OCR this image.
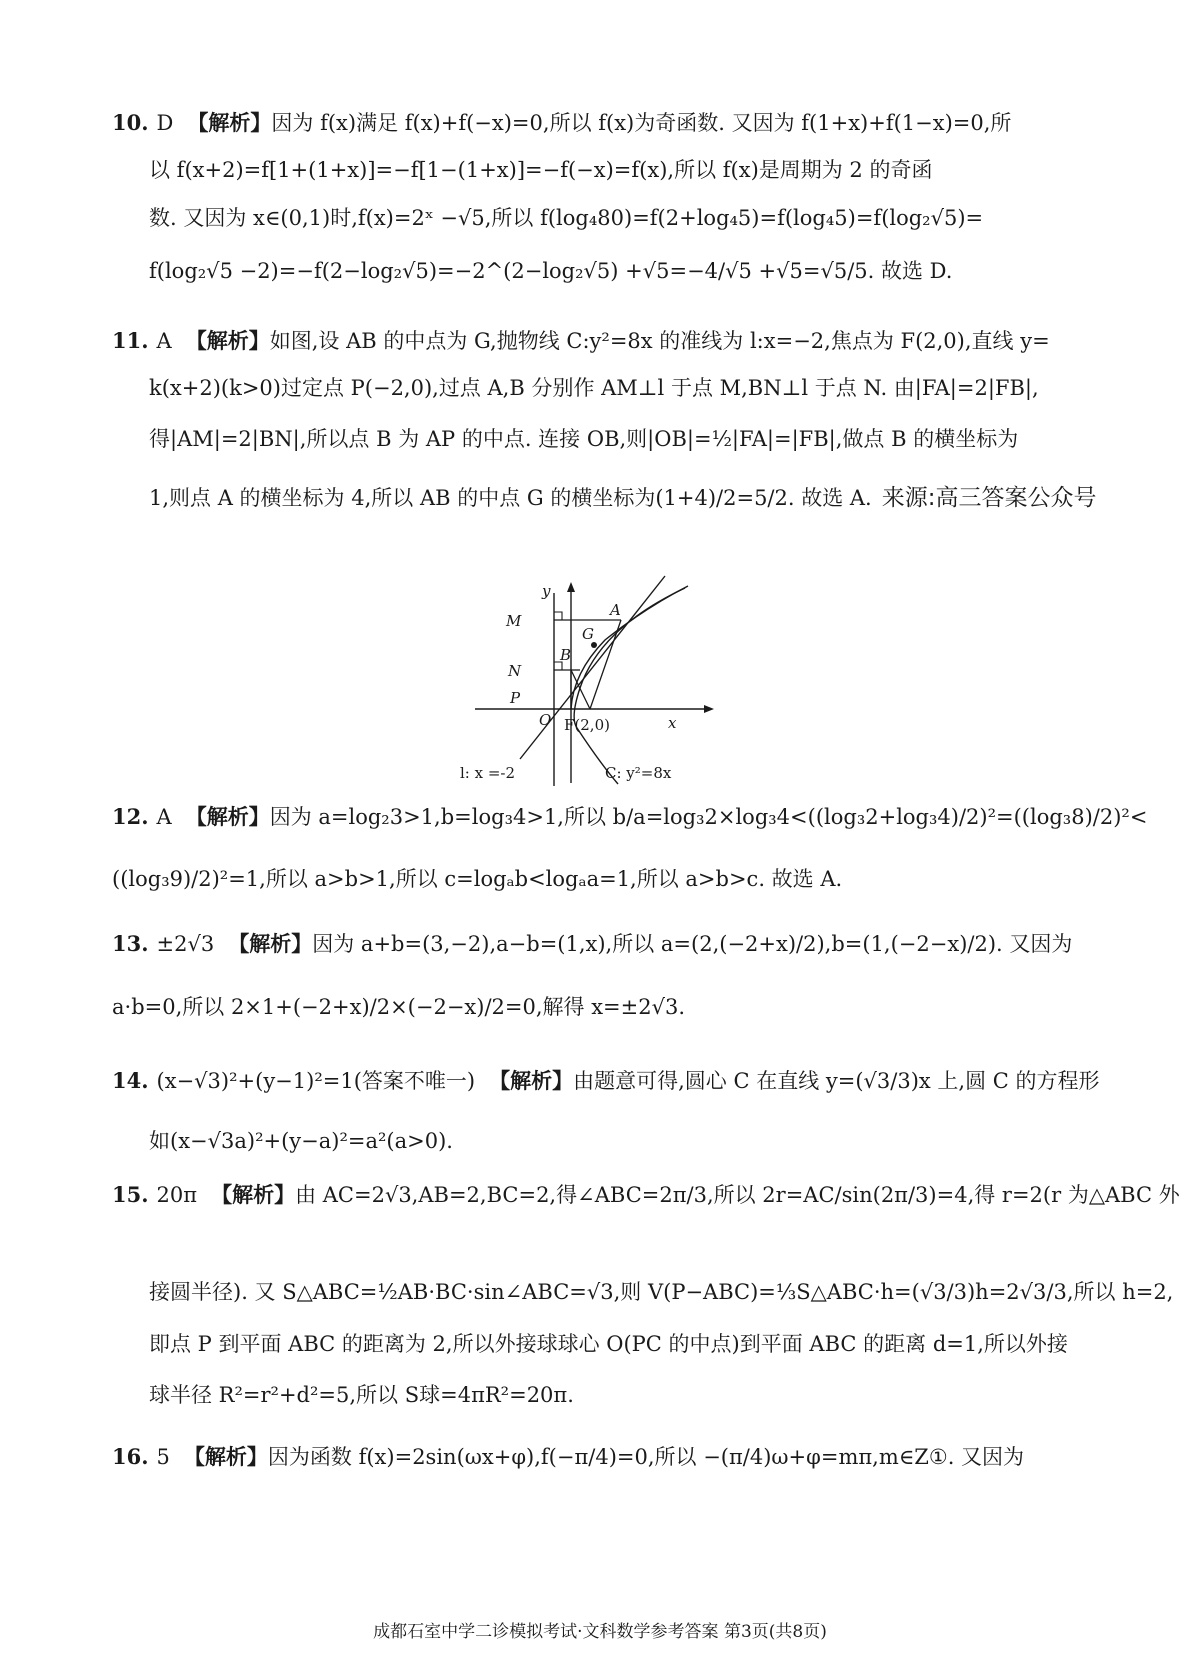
10. D 【解析】因为 f(x)满足 f(x)+f(−x)=0,所以 f(x)为奇函数. 又因为 f(1+x)+f(1−x)=0,所
以 f(x+2)=f[1+(1+x)]=−f[1−(1+x)]=−f(−x)=f(x),所以 f(x)是周期为 2 的奇函
数. 又因为 x∈(0,1)时,f(x)=2ˣ −√5,所以 f(log₄80)=f(2+log₄5)=f(log₄5)=f(log₂√5)=
f(log₂√5 −2)=−f(2−log₂√5)=−2^(2−log₂√5) +√5=−4/√5 +√5=√5/5. 故选 D.
11. A 【解析】如图,设 AB 的中点为 G,抛物线 C:y²=8x 的准线为 l:x=−2,焦点为 F(2,0),直线 y=
k(x+2)(k>0)过定点 P(−2,0),过点 A,B 分别作 AM⊥l 于点 M,BN⊥l 于点 N. 由|FA|=2|FB|,
得|AM|=2|BN|,所以点 B 为 AP 的中点. 连接 OB,则|OB|=½|FA|=|FB|,做点 B 的横坐标为
1,则点 A 的横坐标为 4,所以 AB 的中点 G 的横坐标为(1+4)/2=5/2. 故选 A. 来源:高三答案公众号
y
x
M
N
P
O
A
B
G
F(2,0)
l: x =-2	C: y²=8x
12. A 【解析】因为 a=log₂3>1,b=log₃4>1,所以 b/a=log₃2×log₃4<((log₃2+log₃4)/2)²=((log₃8)/2)²<
((log₃9)/2)²=1,所以 a>b>1,所以 c=logₐb<logₐa=1,所以 a>b>c. 故选 A.
13. ±2√3 【解析】因为 a+b=(3,−2),a−b=(1,x),所以 a=(2,(−2+x)/2),b=(1,(−2−x)/2). 又因为
a·b=0,所以 2×1+(−2+x)/2×(−2−x)/2=0,解得 x=±2√3.
14. (x−√3)²+(y−1)²=1(答案不唯一) 【解析】由题意可得,圆心 C 在直线 y=(√3/3)x 上,圆 C 的方程形
如(x−√3a)²+(y−a)²=a²(a>0).
15. 20π 【解析】由 AC=2√3,AB=2,BC=2,得∠ABC=2π/3,所以 2r=AC/sin(2π/3)=4,得 r=2(r 为△ABC 外
接圆半径). 又 S△ABC=½AB·BC·sin∠ABC=√3,则 V(P−ABC)=⅓S△ABC·h=(√3/3)h=2√3/3,所以 h=2,
即点 P 到平面 ABC 的距离为 2,所以外接球球心 O(PC 的中点)到平面 ABC 的距离 d=1,所以外接
球半径 R²=r²+d²=5,所以 S球=4πR²=20π.
16. 5 【解析】因为函数 f(x)=2sin(ωx+φ),f(−π/4)=0,所以 −(π/4)ω+φ=mπ,m∈Z①. 又因为
成都石室中学二诊模拟考试·文科数学参考答案 第3页(共8页)
